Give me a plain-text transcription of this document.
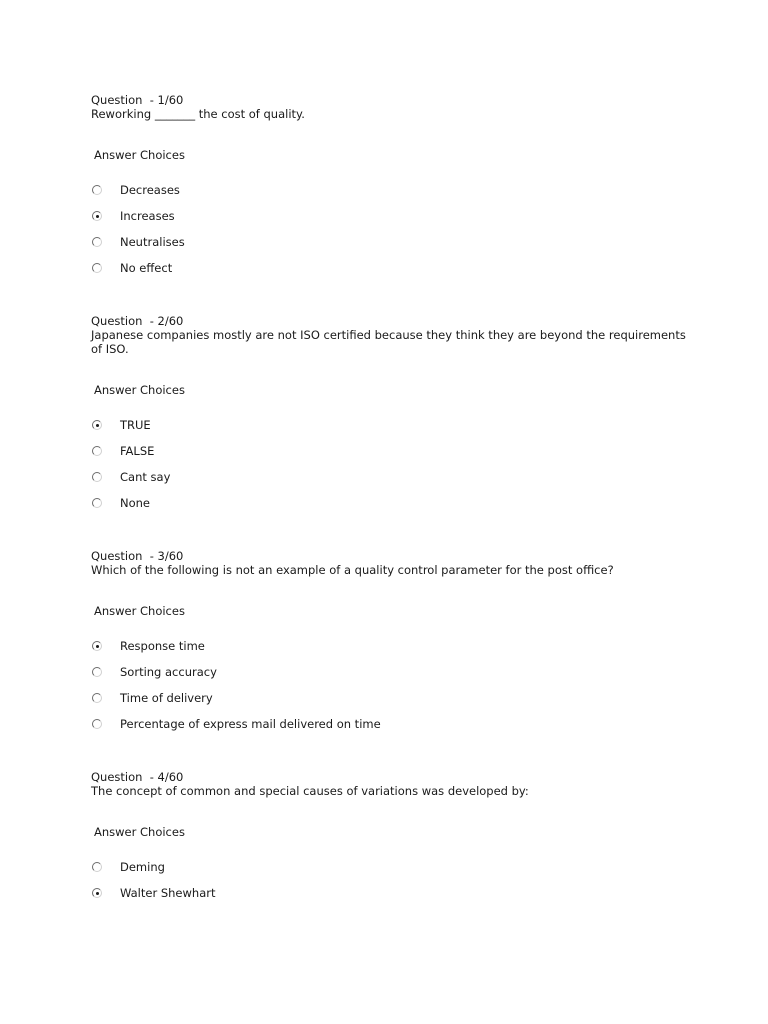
Question  - 1/60
Reworking _______ the cost of quality.
Answer Choices
Decreases
Increases
Neutralises
No effect
Question  - 2/60
Japanese companies mostly are not ISO certified because they think they are beyond the requirements
of ISO.
Answer Choices
TRUE
FALSE
Cant say
None
Question  - 3/60
Which of the following is not an example of a quality control parameter for the post office?
Answer Choices
Response time
Sorting accuracy
Time of delivery
Percentage of express mail delivered on time
Question  - 4/60
The concept of common and special causes of variations was developed by:
Answer Choices
Deming
Walter Shewhart
